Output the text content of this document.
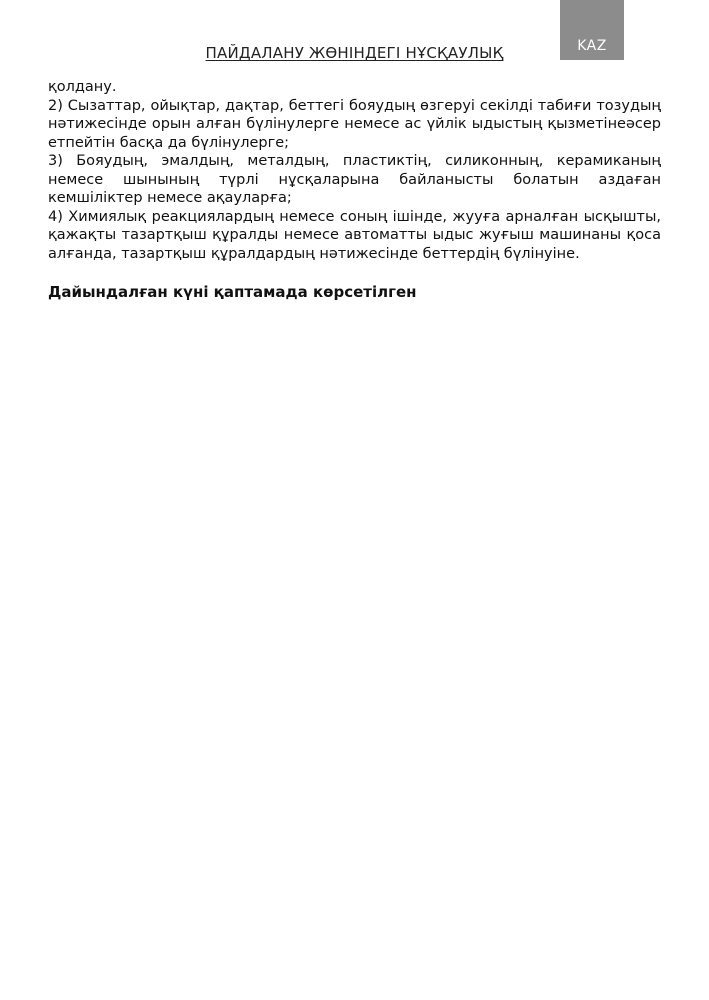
KAZ
ПАЙДАЛАНУ ЖӨНІНДЕГІ НҰСҚАУЛЫҚ

қолдану.

2) Сызаттар, ойықтар, дақтар, беттегі бояудың өзгеруі секілді табиғи тозудың нәтижесінде орын алған бүлінулерге немесе ас үйлік ыдыстың қызметінеәсер етпейтін басқа да бүлінулерге;

3) Бояудың, эмалдың, металдың, пластиктің, силиконның, керамиканың немесе шынының түрлі нұсқаларына байланысты болатын аздаған кемшіліктер немесе ақауларға;

4) Химиялық реакциялардың немесе соның ішінде, жууға арналған ысқышты, қажақты тазартқыш құралды немесе автоматты ыдыс жуғыш машинаны қоса алғанда, тазартқыш құралдардың нәтижесінде беттердің бүлінуіне.

Дайындалған күні қаптамада көрсетілген
